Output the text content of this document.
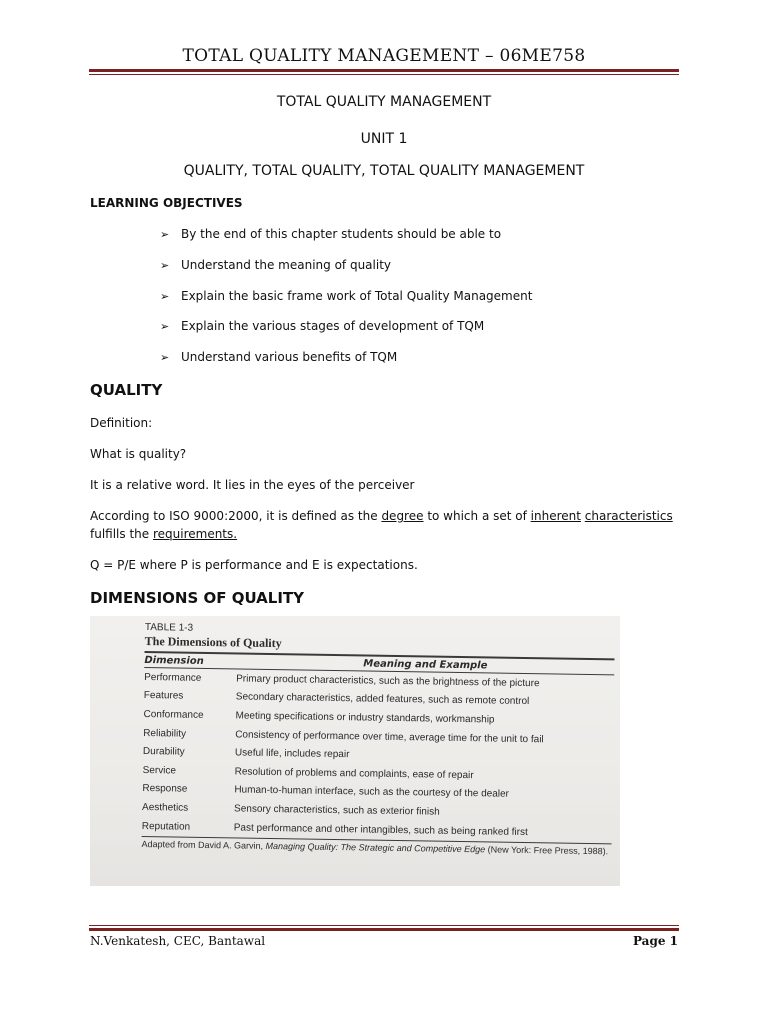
TOTAL QUALITY MANAGEMENT – 06ME758
TOTAL QUALITY MANAGEMENT
UNIT 1
QUALITY, TOTAL QUALITY, TOTAL QUALITY MANAGEMENT
LEARNING OBJECTIVES
➢ By the end of this chapter students should be able to
➢ Understand the meaning of quality
➢ Explain the basic frame work of Total Quality Management
➢ Explain the various stages of development of TQM
➢ Understand various benefits of TQM
QUALITY
Definition:
What is quality?
It is a relative word. It lies in the eyes of the perceiver
According to ISO 9000:2000, it is defined as the degree to which a set of inherent characteristics
fulfills the requirements.
Q = P/E where P is performance and E is expectations.
DIMENSIONS OF QUALITY
TABLE 1-3
The Dimensions of Quality
Dimension	Meaning and Example
Performance	Primary product characteristics, such as the brightness of the picture
Features	Secondary characteristics, added features, such as remote control
Conformance	Meeting specifications or industry standards, workmanship
Reliability	Consistency of performance over time, average time for the unit to fail
Durability	Useful life, includes repair
Service	Resolution of problems and complaints, ease of repair
Response	Human-to-human interface, such as the courtesy of the dealer
Aesthetics	Sensory characteristics, such as exterior finish
Reputation	Past performance and other intangibles, such as being ranked first
Adapted from David A. Garvin, Managing Quality: The Strategic and Competitive Edge (New York: Free Press, 1988).
N.Venkatesh, CEC, Bantawal	Page 1
